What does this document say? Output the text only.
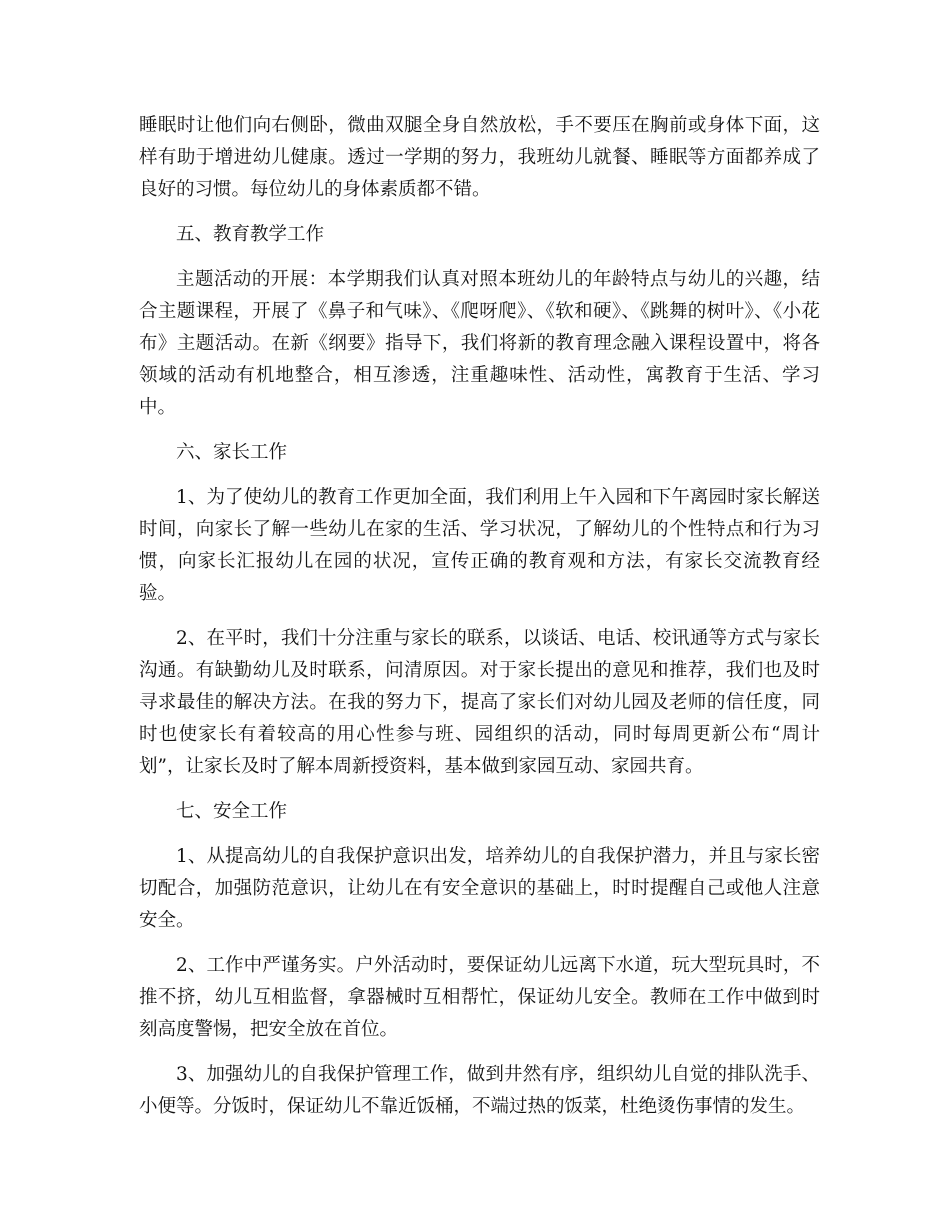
睡眠时让他们向右侧卧，微曲双腿全身自然放松，手不要压在胸前或身体下面，这样有助于增进幼儿健康。透过一学期的努力，我班幼儿就餐、睡眠等方面都养成了良好的习惯。每位幼儿的身体素质都不错。

五、教育教学工作

主题活动的开展：本学期我们认真对照本班幼儿的年龄特点与幼儿的兴趣，结合主题课程，开展了《鼻子和气味》、《爬呀爬》、《软和硬》、《跳舞的树叶》、《小花布》主题活动。在新《纲要》指导下，我们将新的教育理念融入课程设置中，将各领域的活动有机地整合，相互渗透，注重趣味性、活动性，寓教育于生活、学习中。

六、家长工作

1、为了使幼儿的教育工作更加全面，我们利用上午入园和下午离园时家长解送时间，向家长了解一些幼儿在家的生活、学习状况，了解幼儿的个性特点和行为习惯，向家长汇报幼儿在园的状况，宣传正确的教育观和方法，有家长交流教育经验。

2、在平时，我们十分注重与家长的联系，以谈话、电话、校讯通等方式与家长沟通。有缺勤幼儿及时联系，问清原因。对于家长提出的意见和推荐，我们也及时寻求最佳的解决方法。在我的努力下，提高了家长们对幼儿园及老师的信任度，同时也使家长有着较高的用心性参与班、园组织的活动，同时每周更新公布“周计划”，让家长及时了解本周新授资料，基本做到家园互动、家园共育。

七、安全工作

1、从提高幼儿的自我保护意识出发，培养幼儿的自我保护潜力，并且与家长密切配合，加强防范意识，让幼儿在有安全意识的基础上，时时提醒自己或他人注意安全。

2、工作中严谨务实。户外活动时，要保证幼儿远离下水道，玩大型玩具时，不推不挤，幼儿互相监督，拿器械时互相帮忙，保证幼儿安全。教师在工作中做到时刻高度警惕，把安全放在首位。

3、加强幼儿的自我保护管理工作，做到井然有序，组织幼儿自觉的排队洗手、小便等。分饭时，保证幼儿不靠近饭桶，不端过热的饭菜，杜绝烫伤事情的发生。
